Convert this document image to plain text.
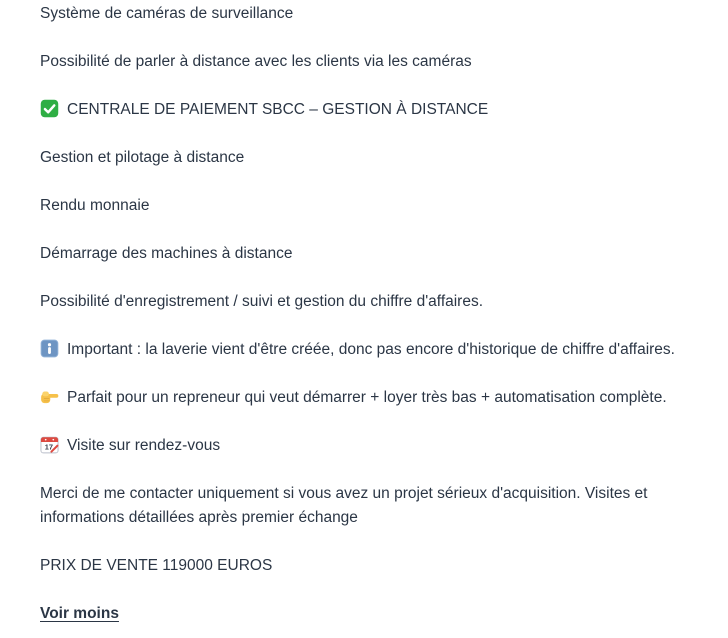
Système de caméras de surveillance

Possibilité de parler à distance avec les clients via les caméras

CENTRALE DE PAIEMENT SBCC – GESTION À DISTANCE

Gestion et pilotage à distance

Rendu monnaie

Démarrage des machines à distance

Possibilité d'enregistrement / suivi et gestion du chiffre d'affaires.

Important : la laverie vient d'être créée, donc pas encore d'historique de chiffre d'affaires.

Parfait pour un repreneur qui veut démarrer + loyer très bas + automatisation complète.

17 Visite sur rendez-vous

Merci de me contacter uniquement si vous avez un projet sérieux d'acquisition. Visites et informations détaillées après premier échange

PRIX DE VENTE 119000 EUROS

Voir moins
